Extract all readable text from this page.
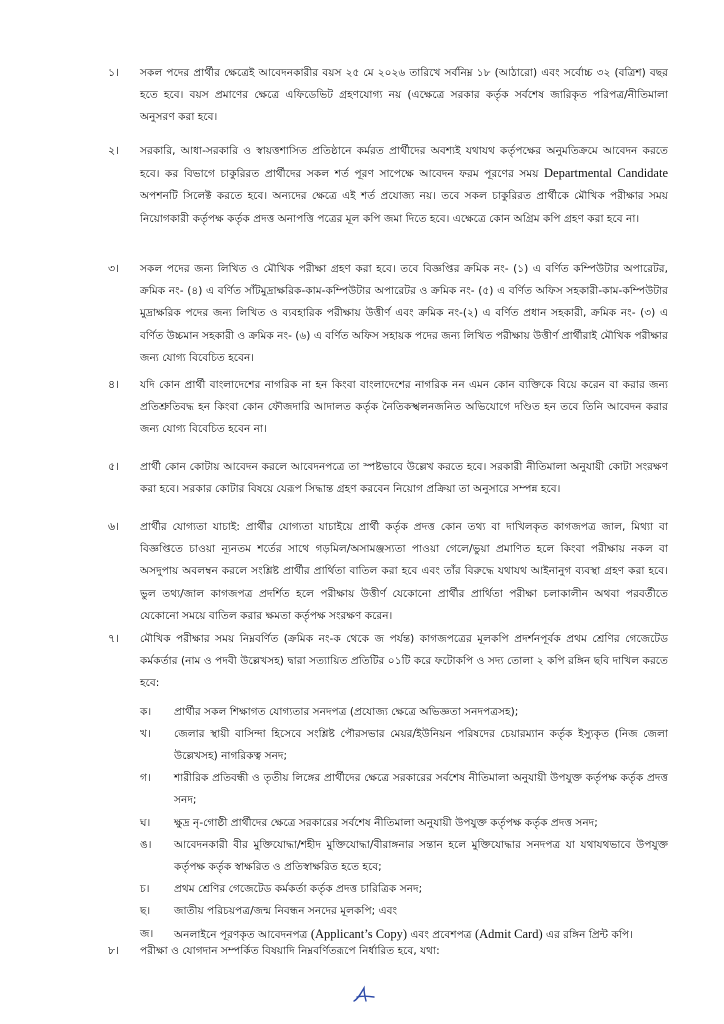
১।	সকল পদের প্রার্থীর ক্ষেত্রেই আবেদনকারীর বয়স ২৫ মে ২০২৬ তারিখে সর্বনিম্ন ১৮ (আঠারো) এবং সর্বোচ্চ ৩২ (বত্রিশ) বছর হতে হবে। বয়স প্রমাণের ক্ষেত্রে এফিডেভিট গ্রহণযোগ্য নয় (এক্ষেত্রে সরকার কর্তৃক সর্বশেষ জারিকৃত পরিপত্র/নীতিমালা অনুসরণ করা হবে।
২।	সরকারি, আধা-সরকারি ও স্বায়ত্তশাসিত প্রতিষ্ঠানে কর্মরত প্রার্থীদের অবশ্যই যথাযথ কর্তৃপক্ষের অনুমতিক্রমে আবেদন করতে হবে। কর বিভাগে চাকুরিরত প্রার্থীদের সকল শর্ত পূরণ সাপেক্ষে আবেদন ফরম পূরণের সময় Departmental Candidate অপশনটি সিলেক্ট করতে হবে। অন্যদের ক্ষেত্রে এই শর্ত প্রযোজ্য নয়। তবে সকল চাকুরিরত প্রার্থীকে মৌখিক পরীক্ষার সময় নিয়োগকারী কর্তৃপক্ষ কর্তৃক প্রদত্ত অনাপত্তি পত্রের মূল কপি জমা দিতে হবে। এক্ষেত্রে কোন অগ্রিম কপি গ্রহণ করা হবে না।
৩।	সকল পদের জন্য লিখিত ও মৌখিক পরীক্ষা গ্রহণ করা হবে। তবে বিজ্ঞপ্তির ক্রমিক নং- (১) এ বর্ণিত কম্পিউটার অপারেটর, ক্রমিক নং- (৪) এ বর্ণিত সাঁটমুদ্রাক্ষরিক-কাম-কম্পিউটার অপারেটর ও ক্রমিক নং- (৫) এ বর্ণিত অফিস সহকারী-কাম-কম্পিউটার মুদ্রাক্ষরিক পদের জন্য লিখিত ও ব্যবহারিক পরীক্ষায় উত্তীর্ণ এবং ক্রমিক নং-(২) এ বর্ণিত প্রধান সহকারী, ক্রমিক নং- (৩) এ বর্ণিত উচ্চমান সহকারী ও ক্রমিক নং- (৬) এ বর্ণিত অফিস সহায়ক পদের জন্য লিখিত পরীক্ষায় উত্তীর্ণ প্রার্থীরাই মৌখিক পরীক্ষার জন্য যোগ্য বিবেচিত হবেন।
৪।	যদি কোন প্রার্থী বাংলাদেশের নাগরিক না হন কিংবা বাংলাদেশের নাগরিক নন এমন কোন ব্যক্তিকে বিয়ে করেন বা করার জন্য প্রতিশ্রুতিবদ্ধ হন কিংবা কোন ফৌজদারি আদালত কর্তৃক নৈতিকস্খলনজনিত অভিযোগে দণ্ডিত হন তবে তিনি আবেদন করার জন্য যোগ্য বিবেচিত হবেন না।
৫।	প্রার্থী কোন কোটায় আবেদন করলে আবেদনপত্রে তা স্পষ্টভাবে উল্লেখ করতে হবে। সরকারী নীতিমালা অনুযায়ী কোটা সংরক্ষণ করা হবে। সরকার কোটার বিষয়ে যেরূপ সিদ্ধান্ত গ্রহণ করবেন নিয়োগ প্রক্রিয়া তা অনুসারে সম্পন্ন হবে।
৬।	প্রার্থীর যোগ্যতা যাচাই: প্রার্থীর যোগ্যতা যাচাইয়ে প্রার্থী কর্তৃক প্রদত্ত কোন তথ্য বা দাখিলকৃত কাগজপত্র জাল, মিথ্যা বা বিজ্ঞপ্তিতে চাওয়া ন্যূনতম শর্তের সাথে গড়মিল/অসামঞ্জস্যতা পাওয়া গেলে/ভুয়া প্রমাণিত হলে কিংবা পরীক্ষায় নকল বা অসদুপায় অবলম্বন করলে সংশ্লিষ্ট প্রার্থীর প্রার্থিতা বাতিল করা হবে এবং তাঁর বিরুদ্ধে যথাযথ আইনানুগ ব্যবস্থা গ্রহণ করা হবে। ভুল তথ্য/জাল কাগজপত্র প্রদর্শিত হলে পরীক্ষায় উত্তীর্ণ যেকোনো প্রার্থীর প্রার্থিতা পরীক্ষা চলাকালীন অথবা পরবর্তীতে যেকোনো সময়ে বাতিল করার ক্ষমতা কর্তৃপক্ষ সংরক্ষণ করেন।
৭।	মৌখিক পরীক্ষার সময় নিম্নবর্ণিত (ক্রমিক নং-ক থেকে জ পর্যন্ত) কাগজপত্রের মূলকপি প্রদর্শনপূর্বক প্রথম শ্রেণির গেজেটেড কর্মকর্তার (নাম ও পদবী উল্লেখসহ) দ্বারা সত্যায়িত প্রতিটির ০১টি করে ফটোকপি ও সদ্য তোলা ২ কপি রঙ্গিন ছবি দাখিল করতে হবে:
ক।	প্রার্থীর সকল শিক্ষাগত যোগ্যতার সনদপত্র (প্রযোজ্য ক্ষেত্রে অভিজ্ঞতা সনদপত্রসহ);
খ।	জেলার স্থায়ী বাসিন্দা হিসেবে সংশ্লিষ্ট পৌরসভার মেয়র/ইউনিয়ন পরিষদের চেয়ারম্যান কর্তৃক ইস্যুকৃত (নিজ জেলা উল্লেখসহ) নাগরিকত্ব সনদ;
গ।	শারীরিক প্রতিবন্ধী ও তৃতীয় লিঙ্গের প্রার্থীদের ক্ষেত্রে সরকারের সর্বশেষ নীতিমালা অনুযায়ী উপযুক্ত কর্তৃপক্ষ কর্তৃক প্রদত্ত সনদ;
ঘ।	ক্ষুদ্র নৃ-গোষ্ঠী প্রার্থীদের ক্ষেত্রে সরকারের সর্বশেষ নীতিমালা অনুযায়ী উপযুক্ত কর্তৃপক্ষ কর্তৃক প্রদত্ত সনদ;
ঙ।	আবেদনকারী বীর মুক্তিযোদ্ধা/শহীদ মুক্তিযোদ্ধা/বীরাঙ্গনার সন্তান হলে মুক্তিযোদ্ধার সনদপত্র যা যথাযথভাবে উপযুক্ত কর্তৃপক্ষ কর্তৃক স্বাক্ষরিত ও প্রতিস্বাক্ষরিত হতে হবে;
চ।	প্রথম শ্রেণির গেজেটেড কর্মকর্তা কর্তৃক প্রদত্ত চারিত্রিক সনদ;
ছ।	জাতীয় পরিচয়পত্র/জন্ম নিবন্ধন সনদের মূলকপি; এবং
জ।	অনলাইনে পূরণকৃত আবেদনপত্র (Applicant’s Copy) এবং প্রবেশপত্র (Admit Card) এর রঙ্গিন প্রিন্ট কপি।
৮।	পরীক্ষা ও যোগদান সম্পর্কিত বিষয়াদি নিম্নবর্ণিতরূপে নির্ধারিত হবে, যথা:
